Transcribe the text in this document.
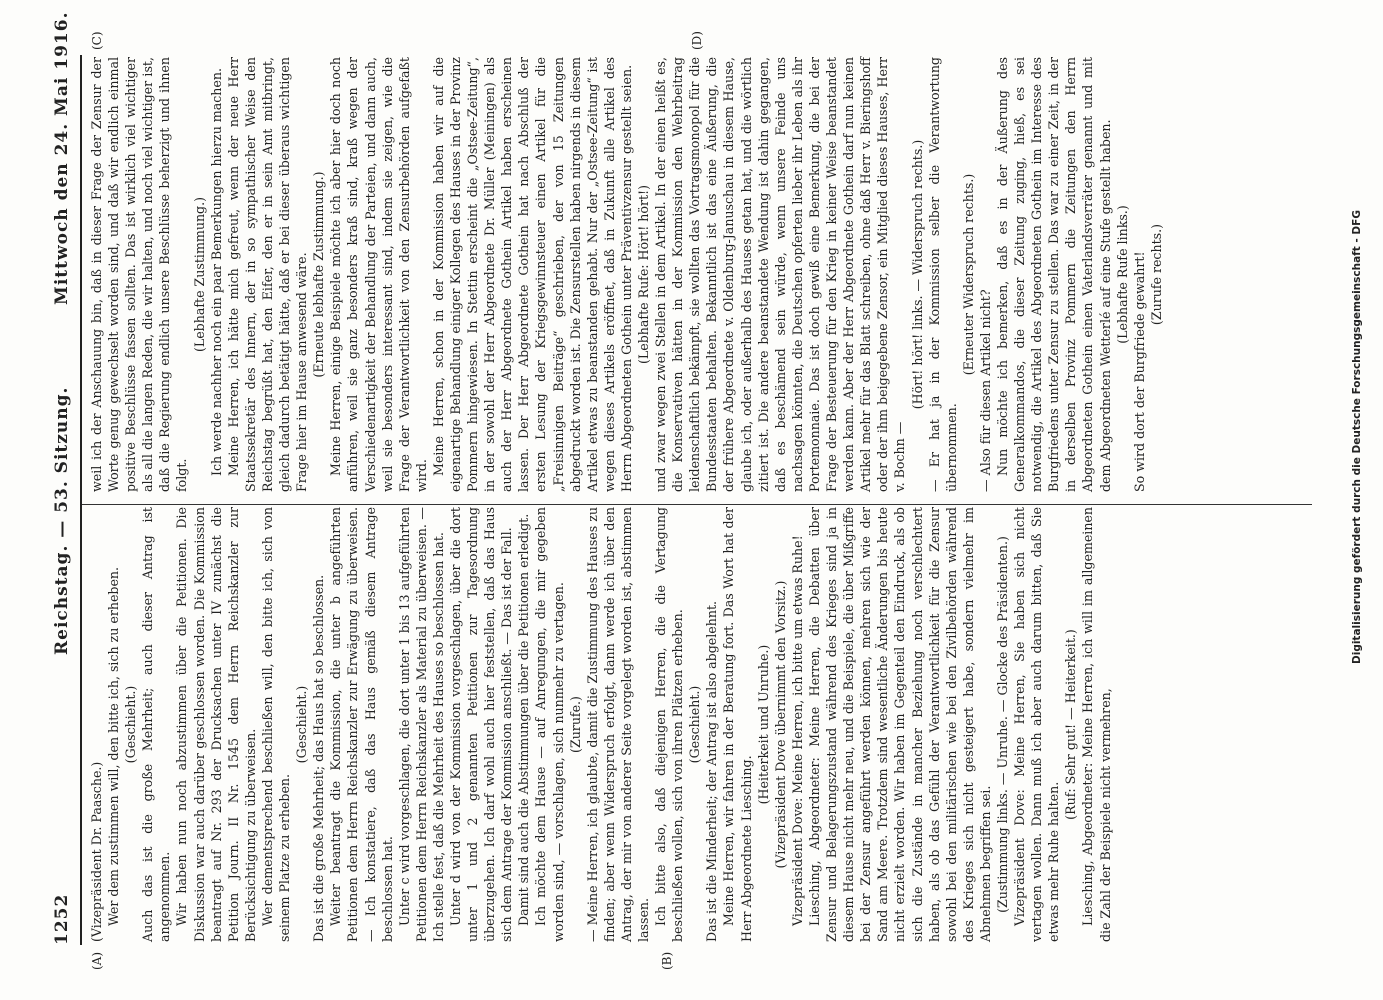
1252
Reichstag. — 53. Sitzung.
Mittwoch den 24. Mai 1916.
(A)	(B)
(C)	(D)

(Vizepräsident Dr. Paasche.) Wer dem zustimmen will, den bitte ich, sich zu erheben. (Geschieht.) Auch das ist die große Mehrheit; auch dieser Antrag ist angenommen. Wir haben nun noch abzustimmen über die Petitionen. Die Diskussion war auch darüber geschlossen worden. Die Kommission beantragt auf Nr. 293 der Drucksachen unter IV zunächst die Petition Journ. II Nr. 1545 dem Herrn Reichskanzler zur Berücksichtigung zu überweisen. Wer dementsprechend beschließen will, den bitte ich, sich von seinem Platze zu erheben.

(Geschieht.) Das ist die große Mehrheit; das Haus hat so beschlossen. Weiter beantragt die Kommission, die unter b angeführten Petitionen dem Herrn Reichskanzler zur Erwägung zu überweisen. — Ich konstatiere, daß das Haus gemäß diesem Antrage beschlossen hat. Unter c wird vorgeschlagen, die dort unter 1 bis 13 aufgeführten Petitionen dem Herrn Reichskanzler als Material zu überweisen. — Ich stelle fest, daß die Mehrheit des Hauses so beschlossen hat. Unter d wird von der Kommission vorgeschlagen, über die dort unter 1 und 2 genannten Petitionen zur Tagesordnung überzugehen. Ich darf wohl auch hier feststellen, daß das Haus sich dem Antrage der Kommission anschließt. — Das ist der Fall. Damit sind auch die Abstimmungen über die Petitionen erledigt. Ich möchte dem Hause — auf Anregungen, die mir gegeben worden sind, — vorschlagen, sich nunmehr zu vertagen. (Zurufe.) — Meine Herren, ich glaubte, damit die Zustimmung des Hauses zu finden; aber wenn Widerspruch erfolgt, dann werde ich über den Antrag, der mir von anderer Seite vorgelegt worden ist, abstimmen lassen. Ich bitte also, daß diejenigen Herren, die die Vertagung beschließen wollen, sich von ihren Plätzen erheben. (Geschieht.) Das ist die Minderheit; der Antrag ist also abgelehnt. Meine Herren, wir fahren in der Beratung fort. Das Wort hat der Herr Abgeordnete Liesching.

(Heiterkeit und Unruhe.) (Vizepräsident Dove übernimmt den Vorsitz.) Vizepräsident Dove: Meine Herren, ich bitte um etwas Ruhe! Liesching, Abgeordneter: Meine Herren, die Debatten über Zensur und Belagerungszustand während des Krieges sind ja in diesem Hause nicht mehr neu, und die Beispiele, die über Mißgriffe bei der Zensur angeführt werden können, mehren sich wie der Sand am Meere. Trotzdem sind wesentliche Änderungen bis heute nicht erzielt worden. Wir haben im Gegenteil den Eindruck, als ob sich die Zustände in mancher Beziehung noch verschlechtert haben, als ob das Gefühl der Verantwortlichkeit für die Zensur sowohl bei den militärischen wie bei den Zivilbehörden während des Krieges sich nicht gesteigert habe, sondern vielmehr im Abnehmen begriffen sei. (Zustimmung links. — Unruhe. — Glocke des Präsidenten.) Vizepräsident Dove: Meine Herren, Sie haben sich nicht vertagen wollen. Dann muß ich aber auch darum bitten, daß Sie etwas mehr Ruhe halten.

(Ruf: Sehr gut! — Heiterkeit.) Liesching, Abgeordneter: Meine Herren, ich will im allgemeinen die Zahl der Beispiele nicht vermehren,

weil ich der Anschauung bin, daß in dieser Frage der Zensur der Worte genug gewechselt worden sind, und daß wir endlich einmal positive Beschlüsse fassen sollten. Das ist wirklich viel wichtiger als all die langen Reden, die wir halten, und noch viel wichtiger ist, daß die Regierung endlich unsere Beschlüsse beherzigt und ihnen folgt.

(Lebhafte Zustimmung.) Ich werde nachher noch ein paar Bemerkungen hierzu machen. Meine Herren, ich hätte mich gefreut, wenn der neue Herr Staatssekretär des Innern, der in so sympathischer Weise den Reichstag begrüßt hat, den Eifer, den er in sein Amt mitbringt, gleich dadurch betätigt hätte, daß er bei dieser überaus wichtigen Frage hier im Hause anwesend wäre. (Erneute lebhafte Zustimmung.) Meine Herren, einige Beispiele möchte ich aber hier doch noch anführen, weil sie ganz besonders kraß sind, kraß wegen der Verschiedenartigkeit der Behandlung der Parteien, und dann auch, weil sie besonders interessant sind, indem sie zeigen, wie die Frage der Verantwortlichkeit von den Zensurbehörden aufgefaßt wird. Meine Herren, schon in der Kommission haben wir auf die eigenartige Behandlung einiger Kollegen des Hauses in der Provinz Pommern hingewiesen. In Stettin erscheint die „Ostsee-Zeitung“, in der sowohl der Herr Abgeordnete Dr. Müller (Meiningen) als auch der Herr Abgeordnete Gothein Artikel haben erscheinen lassen. Der Herr Abgeordnete Gothein hat nach Abschluß der ersten Lesung der Kriegsgewinnsteuer einen Artikel für die „Freisinnigen Beiträge“ geschrieben, der von 15 Zeitungen abgedruckt worden ist. Die Zensurstellen haben nirgends in diesem Artikel etwas zu beanstanden gehabt. Nur der „Ostsee-Zeitung“ ist wegen dieses Artikels eröffnet, daß in Zukunft alle Artikel des Herrn Abgeordneten Gothein unter Präventivzensur gestellt seien. (Lebhafte Rufe: Hört! hört!) und zwar wegen zwei Stellen in dem Artikel. In der einen heißt es, die Konservativen hätten in der Kommission den Wehrbeitrag leidenschaftlich bekämpft, sie wollten das Vortragsmonopol für die Bundesstaaten behalten. Bekanntlich ist das eine Äußerung, die der frühere Abgeordnete v. Oldenburg-Januschau in diesem Hause, glaube ich, oder außerhalb des Hauses getan hat, und die wörtlich zitiert ist. Die andere beanstandete Wendung ist dahin gegangen, daß es beschämend sein würde, wenn unsere Feinde uns nachsagen könnten, die Deutschen opferten lieber ihr Leben als ihr Portemonnaie. Das ist doch gewiß eine Bemerkung, die bei der Frage der Besteuerung für den Krieg in keiner Weise beanstandet werden kann. Aber der Herr Abgeordnete Gothein darf nun keinen Artikel mehr für das Blatt schreiben, ohne daß Herr v. Bieringshoff oder der ihm beigegebene Zensor, ein Mitglied dieses Hauses, Herr v. Bochn —

(Hört! hört! links. — Widerspruch rechts.) — Er hat ja in der Kommission selber die Verantwortung übernommen.

(Erneuter Widerspruch rechts.)

— Also für diesen Artikel nicht? Nun möchte ich bemerken, daß es in der Äußerung des Generalkommandos, die dieser Zeitung zuging, hieß, es sei notwendig, die Artikel des Abgeordneten Gothein im Interesse des Burgfriedens unter Zensur zu stellen. Das war zu einer Zeit, in der in derselben Provinz Pommern die Zeitungen den Herrn Abgeordneten Gothein einen Vaterlandsverräter genannt und mit dem Abgeordneten Wetterlé auf eine Stufe gestellt haben. (Lebhafte Rufe links.) So wird dort der Burgfriede gewahrt! (Zurufe rechts.)	Digitalisierung gefördert durch die Deutsche Forschungsgemeinschaft - DFG
